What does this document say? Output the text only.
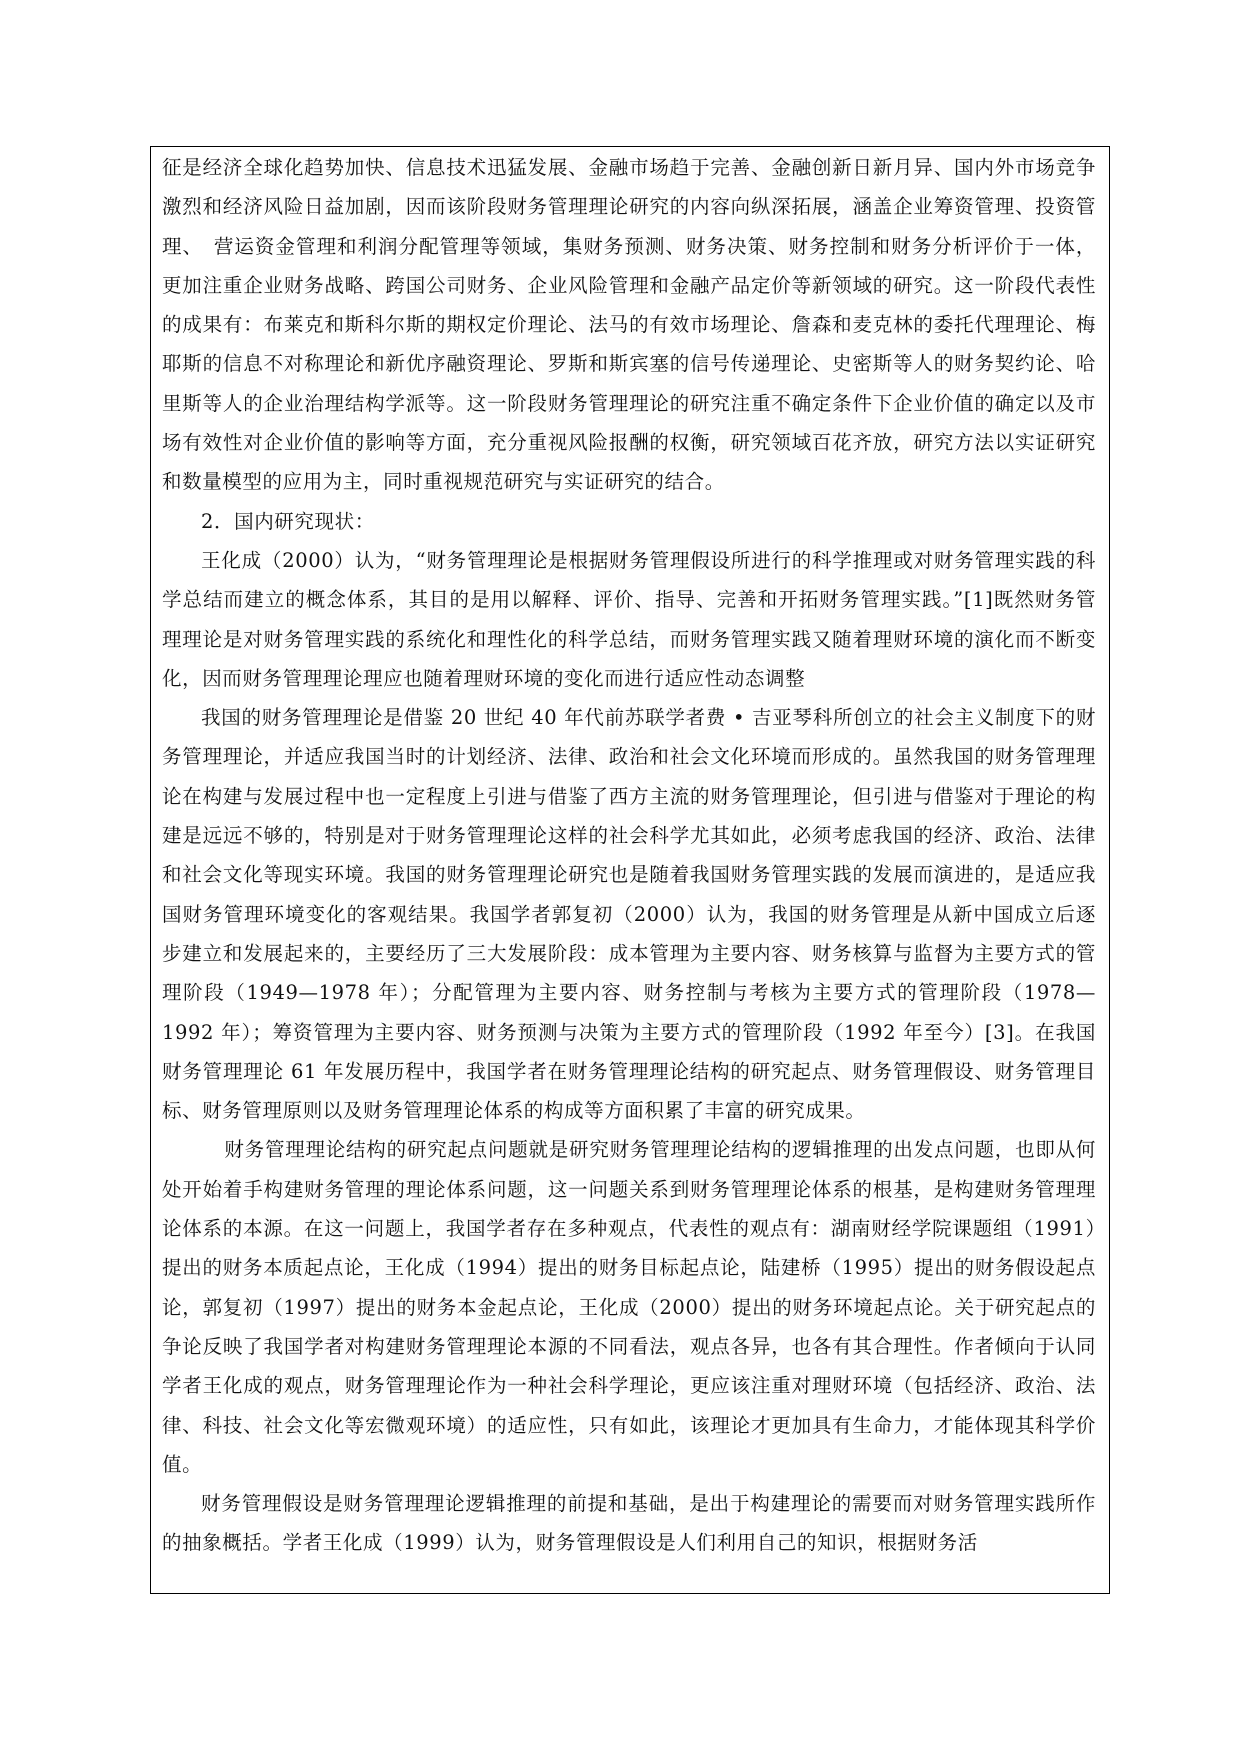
征是经济全球化趋势加快、信息技术迅猛发展、金融市场趋于完善、金融创新日新月异、国内外市场竞争激烈和经济风险日益加剧，因而该阶段财务管理理论研究的内容向纵深拓展，涵盖企业筹资管理、投资管理、　营运资金管理和利润分配管理等领域，集财务预测、财务决策、财务控制和财务分析评价于一体，更加注重企业财务战略、跨国公司财务、企业风险管理和金融产品定价等新领域的研究。这一阶段代表性的成果有：布莱克和斯科尔斯的期权定价理论、法马的有效市场理论、詹森和麦克林的委托代理理论、梅耶斯的信息不对称理论和新优序融资理论、罗斯和斯宾塞的信号传递理论、史密斯等人的财务契约论、哈里斯等人的企业治理结构学派等。这一阶段财务管理理论的研究注重不确定条件下企业价值的确定以及市场有效性对企业价值的影响等方面，充分重视风险报酬的权衡，研究领域百花齐放，研究方法以实证研究和数量模型的应用为主，同时重视规范研究与实证研究的结合。

2．国内研究现状：

王化成（2000）认为，“财务管理理论是根据财务管理假设所进行的科学推理或对财务管理实践的科学总结而建立的概念体系，其目的是用以解释、评价、指导、完善和开拓财务管理实践。”[1]既然财务管理理论是对财务管理实践的系统化和理性化的科学总结，而财务管理实践又随着理财环境的演化而不断变化，因而财务管理理论理应也随着理财环境的变化而进行适应性动态调整

我国的财务管理理论是借鉴 20 世纪 40 年代前苏联学者费 • 吉亚琴科所创立的社会主义制度下的财务管理理论，并适应我国当时的计划经济、法律、政治和社会文化环境而形成的。虽然我国的财务管理理论在构建与发展过程中也一定程度上引进与借鉴了西方主流的财务管理理论，但引进与借鉴对于理论的构建是远远不够的，特别是对于财务管理理论这样的社会科学尤其如此，必须考虑我国的经济、政治、法律和社会文化等现实环境。我国的财务管理理论研究也是随着我国财务管理实践的发展而演进的，是适应我国财务管理环境变化的客观结果。我国学者郭复初（2000）认为，我国的财务管理是从新中国成立后逐步建立和发展起来的，主要经历了三大发展阶段：成本管理为主要内容、财务核算与监督为主要方式的管理阶段（1949—1978 年）；分配管理为主要内容、财务控制与考核为主要方式的管理阶段（1978—1992 年）；筹资管理为主要内容、财务预测与决策为主要方式的管理阶段（1992 年至今）[3]。在我国财务管理理论 61 年发展历程中，我国学者在财务管理理论结构的研究起点、财务管理假设、财务管理目标、财务管理原则以及财务管理理论体系的构成等方面积累了丰富的研究成果。

财务管理理论结构的研究起点问题就是研究财务管理理论结构的逻辑推理的出发点问题，也即从何处开始着手构建财务管理的理论体系问题，这一问题关系到财务管理理论体系的根基，是构建财务管理理论体系的本源。在这一问题上，我国学者存在多种观点，代表性的观点有：湖南财经学院课题组（1991）提出的财务本质起点论，王化成（1994）提出的财务目标起点论，陆建桥（1995）提出的财务假设起点论，郭复初（1997）提出的财务本金起点论，王化成（2000）提出的财务环境起点论。关于研究起点的争论反映了我国学者对构建财务管理理论本源的不同看法，观点各异，也各有其合理性。作者倾向于认同学者王化成的观点，财务管理理论作为一种社会科学理论，更应该注重对理财环境（包括经济、政治、法律、科技、社会文化等宏微观环境）的适应性，只有如此，该理论才更加具有生命力，才能体现其科学价值。

财务管理假设是财务管理理论逻辑推理的前提和基础，是出于构建理论的需要而对财务管理实践所作的抽象概括。学者王化成（1999）认为，财务管理假设是人们利用自己的知识，根据财务活
